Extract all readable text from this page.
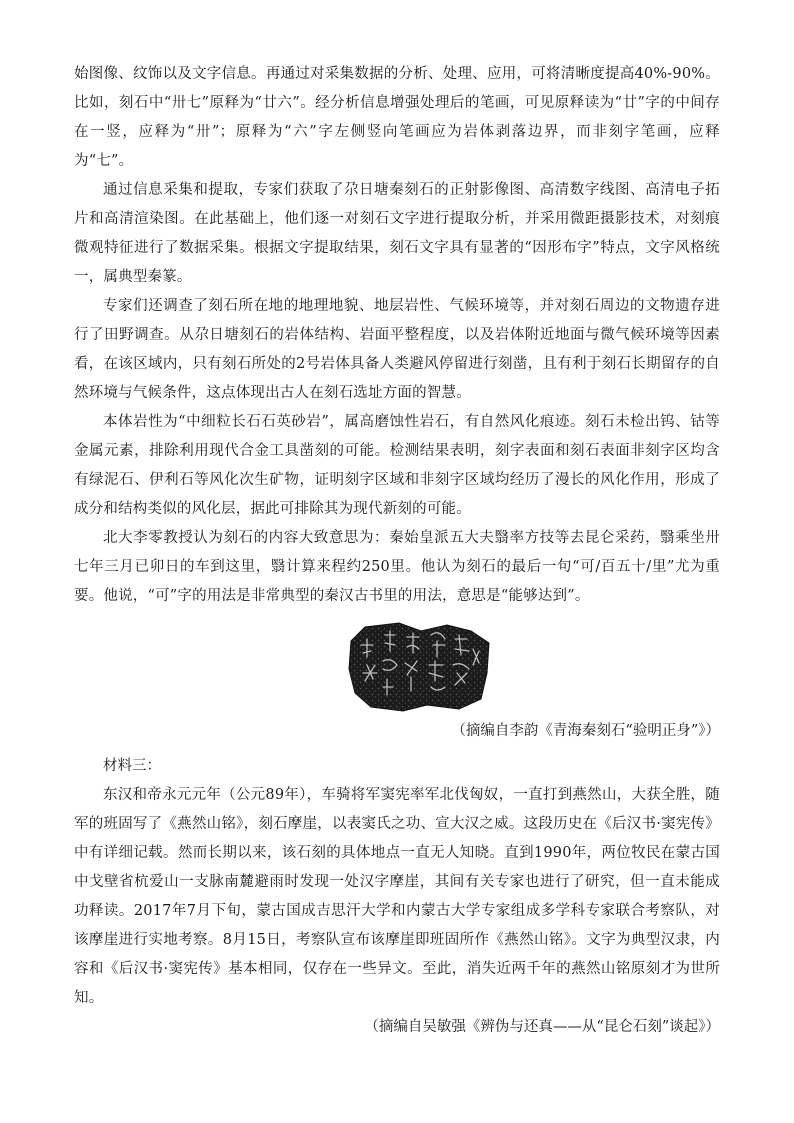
始图像、纹饰以及文字信息。再通过对采集数据的分析、处理、应用，可将清晰度提高40%-90%。比如，刻石中“卅七”原释为“廿六”。经分析信息增强处理后的笔画，可见原释读为“廿”字的中间存在一竖，应释为“卅”；原释为“六”字左侧竖向笔画应为岩体剥落边界，而非刻字笔画，应释为“七”。

通过信息采集和提取，专家们获取了尕日塘秦刻石的正射影像图、高清数字线图、高清电子拓片和高清渲染图。在此基础上，他们逐一对刻石文字进行提取分析，并采用微距摄影技术，对刻痕微观特征进行了数据采集。根据文字提取结果，刻石文字具有显著的“因形布字”特点，文字风格统一，属典型秦篆。

专家们还调查了刻石所在地的地理地貌、地层岩性、气候环境等，并对刻石周边的文物遗存进行了田野调查。从尕日塘刻石的岩体结构、岩面平整程度，以及岩体附近地面与微气候环境等因素看，在该区域内，只有刻石所处的2号岩体具备人类避风停留进行刻凿，且有利于刻石长期留存的自然环境与气候条件，这点体现出古人在刻石选址方面的智慧。

本体岩性为“中细粒长石石英砂岩”，属高磨蚀性岩石，有自然风化痕迹。刻石未检出钨、钴等金属元素，排除利用现代合金工具凿刻的可能。检测结果表明，刻字表面和刻石表面非刻字区均含有绿泥石、伊利石等风化次生矿物，证明刻字区域和非刻字区域均经历了漫长的风化作用，形成了成分和结构类似的风化层，据此可排除其为现代新刻的可能。

北大李零教授认为刻石的内容大致意思为：秦始皇派五大夫翳率方技等去昆仑采药，翳乘坐卅七年三月已卯日的车到这里，翳计算来程约250里。他认为刻石的最后一句“可/百五十/里”尤为重要。他说，“可”字的用法是非常典型的秦汉古书里的用法，意思是“能够达到”。

（摘编自李韵《青海秦刻石“验明正身”》）

材料三：

东汉和帝永元元年（公元89年），车骑将军窦宪率军北伐匈奴，一直打到燕然山，大获全胜，随军的班固写了《燕然山铭》，刻石摩崖，以表窦氏之功、宣大汉之威。这段历史在《后汉书·窦宪传》中有详细记载。然而长期以来，该石刻的具体地点一直无人知晓。直到1990年，两位牧民在蒙古国中戈壁省杭爱山一支脉南麓避雨时发现一处汉字摩崖，其间有关专家也进行了研究，但一直未能成功释读。2017年7月下旬，蒙古国成吉思汗大学和内蒙古大学专家组成多学科专家联合考察队，对该摩崖进行实地考察。8月15日，考察队宣布该摩崖即班固所作《燕然山铭》。文字为典型汉隶，内容和《后汉书·窦宪传》基本相同，仅存在一些异文。至此，消失近两千年的燕然山铭原刻才为世所知。

（摘编自吴敏强《辨伪与还真——从“昆仑石刻”谈起》）
